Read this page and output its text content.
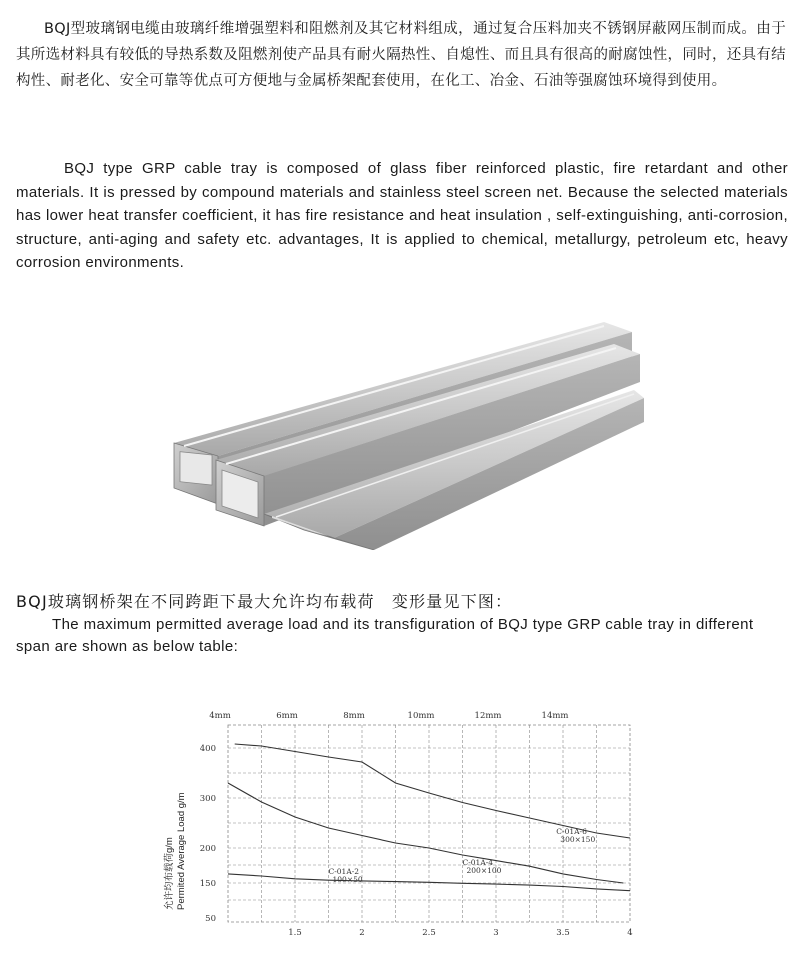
BQJ型玻璃钢电缆由玻璃纤维增强塑料和阻燃剂及其它材料组成，通过复合压料加夹不锈钢屏蔽网压制而成。由于其所选材料具有较低的导热系数及阻燃剂使产品具有耐火隔热性、自熄性、而且具有很高的耐腐蚀性，同时，还具有结构性、耐老化、安全可靠等优点可方便地与金属桥架配套使用，在化工、冶金、石油等强腐蚀环境得到使用。
BQJ type GRP cable tray is composed of glass fiber reinforced plastic, fire retardant and other materials. It is pressed by compound materials and stainless steel screen net. Because the selected materials has lower heat transfer coefficient, it has fire resistance and heat insulation , self-extinguishing, anti-corrosion, structure, anti-aging and safety etc. advantages, It is applied to chemical, metallurgy, petroleum etc, heavy corrosion environments.
BQJ玻璃钢桥架在不同跨距下最大允许均布载荷　变形量见下图：
The maximum permitted average load and its transfiguration of BQJ type GRP cable tray in different span are shown as below table:
400
300
200
150
50
1.5	2	2.5	3	3.5	4
4mm	6mm	8mm	10mm	12mm	14mm
C-01A-6
300×150
C-01A-4
200×100
C-01A-2
100×50
允许均布载荷g/m Permited Average Load g/m
